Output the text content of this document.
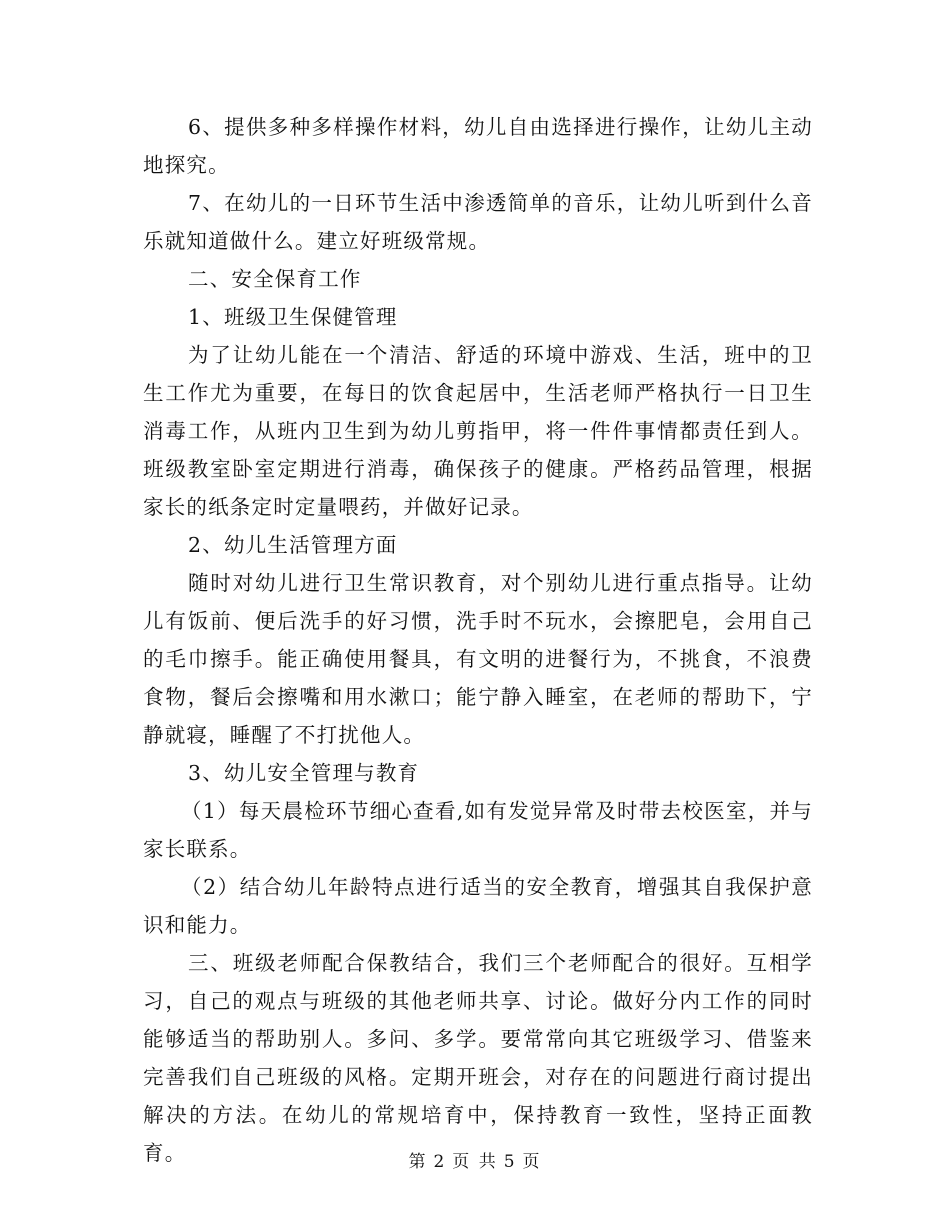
6、提供多种多样操作材料，幼儿自由选择进行操作，让幼儿主动地探究。

7、在幼儿的一日环节生活中渗透简单的音乐，让幼儿听到什么音乐就知道做什么。建立好班级常规。

二、安全保育工作

1、班级卫生保健管理

为了让幼儿能在一个清洁、舒适的环境中游戏、生活，班中的卫生工作尤为重要，在每日的饮食起居中，生活老师严格执行一日卫生消毒工作，从班内卫生到为幼儿剪指甲，将一件件事情都责任到人。班级教室卧室定期进行消毒，确保孩子的健康。严格药品管理，根据家长的纸条定时定量喂药，并做好记录。

2、幼儿生活管理方面

随时对幼儿进行卫生常识教育，对个别幼儿进行重点指导。让幼儿有饭前、便后洗手的好习惯，洗手时不玩水，会擦肥皂，会用自己的毛巾擦手。能正确使用餐具，有文明的进餐行为，不挑食，不浪费食物，餐后会擦嘴和用水漱口；能宁静入睡室，在老师的帮助下，宁静就寝，睡醒了不打扰他人。

3、幼儿安全管理与教育

（1）每天晨检环节细心查看,如有发觉异常及时带去校医室，并与家长联系。

（2）结合幼儿年龄特点进行适当的安全教育，增强其自我保护意识和能力。

三、班级老师配合保教结合，我们三个老师配合的很好。互相学习，自己的观点与班级的其他老师共享、讨论。做好分内工作的同时能够适当的帮助别人。多问、多学。要常常向其它班级学习、借鉴来完善我们自己班级的风格。定期开班会，对存在的问题进行商讨提出解决的方法。在幼儿的常规培育中，保持教育一致性，坚持正面教育。	第 2 页 共 5 页
